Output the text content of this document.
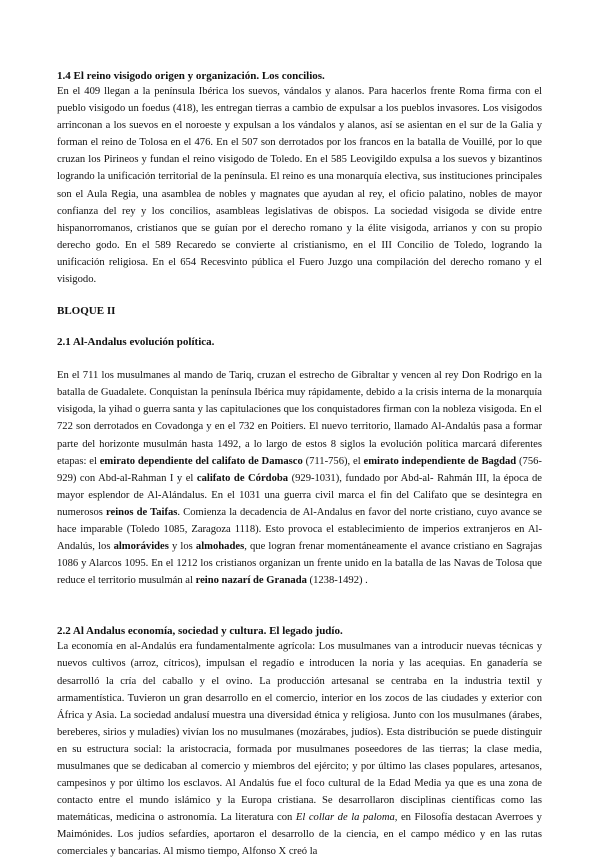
1.4 El reino visigodo origen y organización. Los concilios.

En el 409 llegan a la península Ibérica los suevos, vándalos y alanos. Para hacerlos frente Roma firma con el pueblo visigodo un foedus (418), les entregan tierras a cambio de expulsar a los pueblos invasores. Los visigodos arrinconan a los suevos en el noroeste y expulsan a los vándalos y alanos, así se asientan en el sur de la Galia y forman el reino de Tolosa en el 476. En el 507 son derrotados por los francos en la batalla de Vouillé, por lo que cruzan los Pirineos y fundan el reino visigodo de Toledo. En el 585 Leovigildo expulsa a los suevos y bizantinos logrando la unificación territorial de la península. El reino es una monarquía electiva, sus instituciones principales son el Aula Regia, una asamblea de nobles y magnates que ayudan al rey, el oficio palatino, nobles de mayor confianza del rey y los concilios, asambleas legislativas de obispos. La sociedad visigoda se divide entre hispanorromanos, cristianos que se guían por el derecho romano y la élite visigoda, arrianos y con su propio derecho godo. En el 589 Recaredo se convierte al cristianismo, en el III Concilio de Toledo, logrando la unificación religiosa. En el 654 Recesvinto pública el Fuero Juzgo una compilación del derecho romano y el visigodo.

BLOQUE II

2.1 Al-Andalus evolución política.

En el 711 los musulmanes al mando de Tariq, cruzan el estrecho de Gibraltar y vencen al rey Don Rodrigo en la batalla de Guadalete. Conquistan la península Ibérica muy rápidamente, debido a la crisis interna de la monarquía visigoda, la yihad o guerra santa y las capitulaciones que los conquistadores firman con la nobleza visigoda. En el 722 son derrotados en Covadonga y en el 732 en Poitiers. El nuevo territorio, llamado Al-Andalús pasa a formar parte del horizonte musulmán hasta 1492, a lo largo de estos 8 siglos la evolución política marcará diferentes etapas: el emirato dependiente del califato de Damasco (711-756), el emirato independiente de Bagdad (756-929) con Abd-al-Rahman I y el califato de Córdoba (929-1031), fundado por Abd-al- Rahmán III, la época de mayor esplendor de Al-Alándalus. En el 1031 una guerra civil marca el fin del Califato que se desintegra en numerosos reinos de Taifas. Comienza la decadencia de Al-Andalus en favor del norte cristiano, cuyo avance se hace imparable (Toledo 1085, Zaragoza 1118). Esto provoca el establecimiento de imperios extranjeros en Al-Andalús, los almorávides y los almohades, que logran frenar momentáneamente el avance cristiano en Sagrajas 1086 y Alarcos 1095. En el 1212 los cristianos organizan un frente unido en la batalla de las Navas de Tolosa que reduce el territorio musulmán al reino nazarí de Granada (1238-1492) .

2.2 Al Andalus economía, sociedad y cultura. El legado judío.

La economía en al-Andalús era fundamentalmente agrícola: Los musulmanes van a introducir nuevas técnicas y nuevos cultivos (arroz, cítricos), impulsan el regadío e introducen la noria y las acequias. En ganadería se desarrolló la cría del caballo y el ovino. La producción artesanal se centraba en la industria textil y armamentística. Tuvieron un gran desarrollo en el comercio, interior en los zocos de las ciudades y exterior con África y Asia. La sociedad andalusí muestra una diversidad étnica y religiosa. Junto con los musulmanes (árabes, bereberes, sirios y muladíes) vivían los no musulmanes (mozárabes, judíos). Esta distribución se puede distinguir en su estructura social: la aristocracia, formada por musulmanes poseedores de las tierras; la clase media, musulmanes que se dedicaban al comercio y miembros del ejército; y por último las clases populares, artesanos, campesinos y por último los esclavos. Al Andalús fue el foco cultural de la Edad Media ya que es una zona de contacto entre el mundo islámico y la Europa cristiana. Se desarrollaron disciplinas científicas como las matemáticas, medicina o astronomía. La literatura con El collar de la paloma, en Filosofía destacan Averroes y Maimónides. Los judíos sefardíes, aportaron el desarrollo de la ciencia, en el campo médico y en las rutas comerciales y bancarias. Al mismo tiempo, Alfonso X creó la
